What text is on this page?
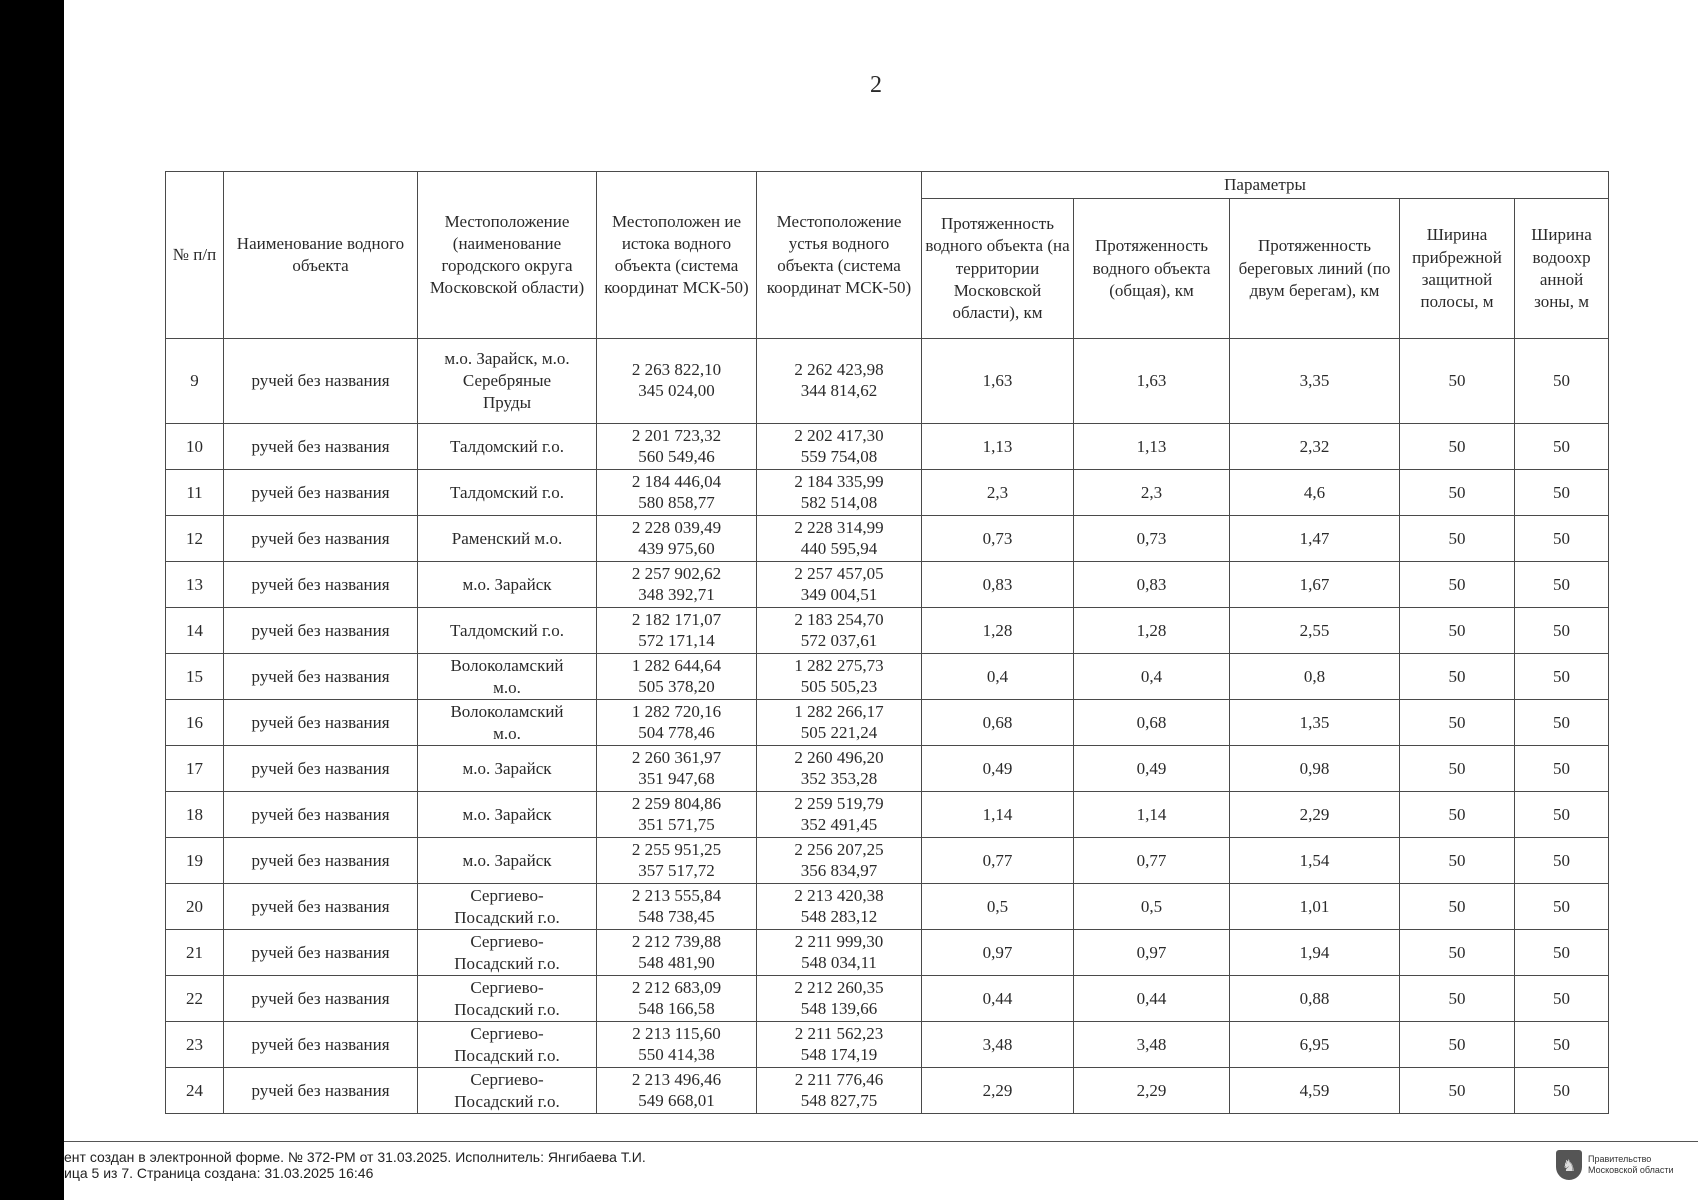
2
№ п/п	Наименование водного объекта	Местоположение (наименование городского округа Московской области)	Местоположен ие истока водного объекта (система координат МСК-50)	Местоположение устья водного объекта (система координат МСК-50)	Параметры				
					Протяженность водного объекта (на территории Московской области), км	Протяженность водного объекта (общая), км	Протяженность береговых линий (по двум берегам), км	Ширина прибрежной защитной полосы, м	Ширина водоохр анной зоны, м
9	ручей без названия	м.о. Зарайск, м.о.
Серебряные
Пруды	2 263 822,10
345 024,00	2 262 423,98
344 814,62	1,63	1,63	3,35	50	50
10	ручей без названия	Талдомский г.о.	2 201 723,32
560 549,46	2 202 417,30
559 754,08	1,13	1,13	2,32	50	50
11	ручей без названия	Талдомский г.о.	2 184 446,04
580 858,77	2 184 335,99
582 514,08	2,3	2,3	4,6	50	50
12	ручей без названия	Раменский м.о.	2 228 039,49
439 975,60	2 228 314,99
440 595,94	0,73	0,73	1,47	50	50
13	ручей без названия	м.о. Зарайск	2 257 902,62
348 392,71	2 257 457,05
349 004,51	0,83	0,83	1,67	50	50
14	ручей без названия	Талдомский г.о.	2 182 171,07
572 171,14	2 183 254,70
572 037,61	1,28	1,28	2,55	50	50
15	ручей без названия	Волоколамский
м.о.	1 282 644,64
505 378,20	1 282 275,73
505 505,23	0,4	0,4	0,8	50	50
16	ручей без названия	Волоколамский
м.о.	1 282 720,16
504 778,46	1 282 266,17
505 221,24	0,68	0,68	1,35	50	50
17	ручей без названия	м.о. Зарайск	2 260 361,97
351 947,68	2 260 496,20
352 353,28	0,49	0,49	0,98	50	50
18	ручей без названия	м.о. Зарайск	2 259 804,86
351 571,75	2 259 519,79
352 491,45	1,14	1,14	2,29	50	50
19	ручей без названия	м.о. Зарайск	2 255 951,25
357 517,72	2 256 207,25
356 834,97	0,77	0,77	1,54	50	50
20	ручей без названия	Сергиево-
Посадский г.о.	2 213 555,84
548 738,45	2 213 420,38
548 283,12	0,5	0,5	1,01	50	50
21	ручей без названия	Сергиево-
Посадский г.о.	2 212 739,88
548 481,90	2 211 999,30
548 034,11	0,97	0,97	1,94	50	50
22	ручей без названия	Сергиево-
Посадский г.о.	2 212 683,09
548 166,58	2 212 260,35
548 139,66	0,44	0,44	0,88	50	50
23	ручей без названия	Сергиево-
Посадский г.о.	2 213 115,60
550 414,38	2 211 562,23
548 174,19	3,48	3,48	6,95	50	50
24	ручей без названия	Сергиево-
Посадский г.о.	2 213 496,46
549 668,01	2 211 776,46
548 827,75	2,29	2,29	4,59	50	50
ент создан в электронной форме. № 372-РМ от 31.03.2025. Исполнитель: Янгибаева Т.И.
ица 5 из 7. Страница создана: 31.03.2025 16:46	♞	Правительство
Московской области
